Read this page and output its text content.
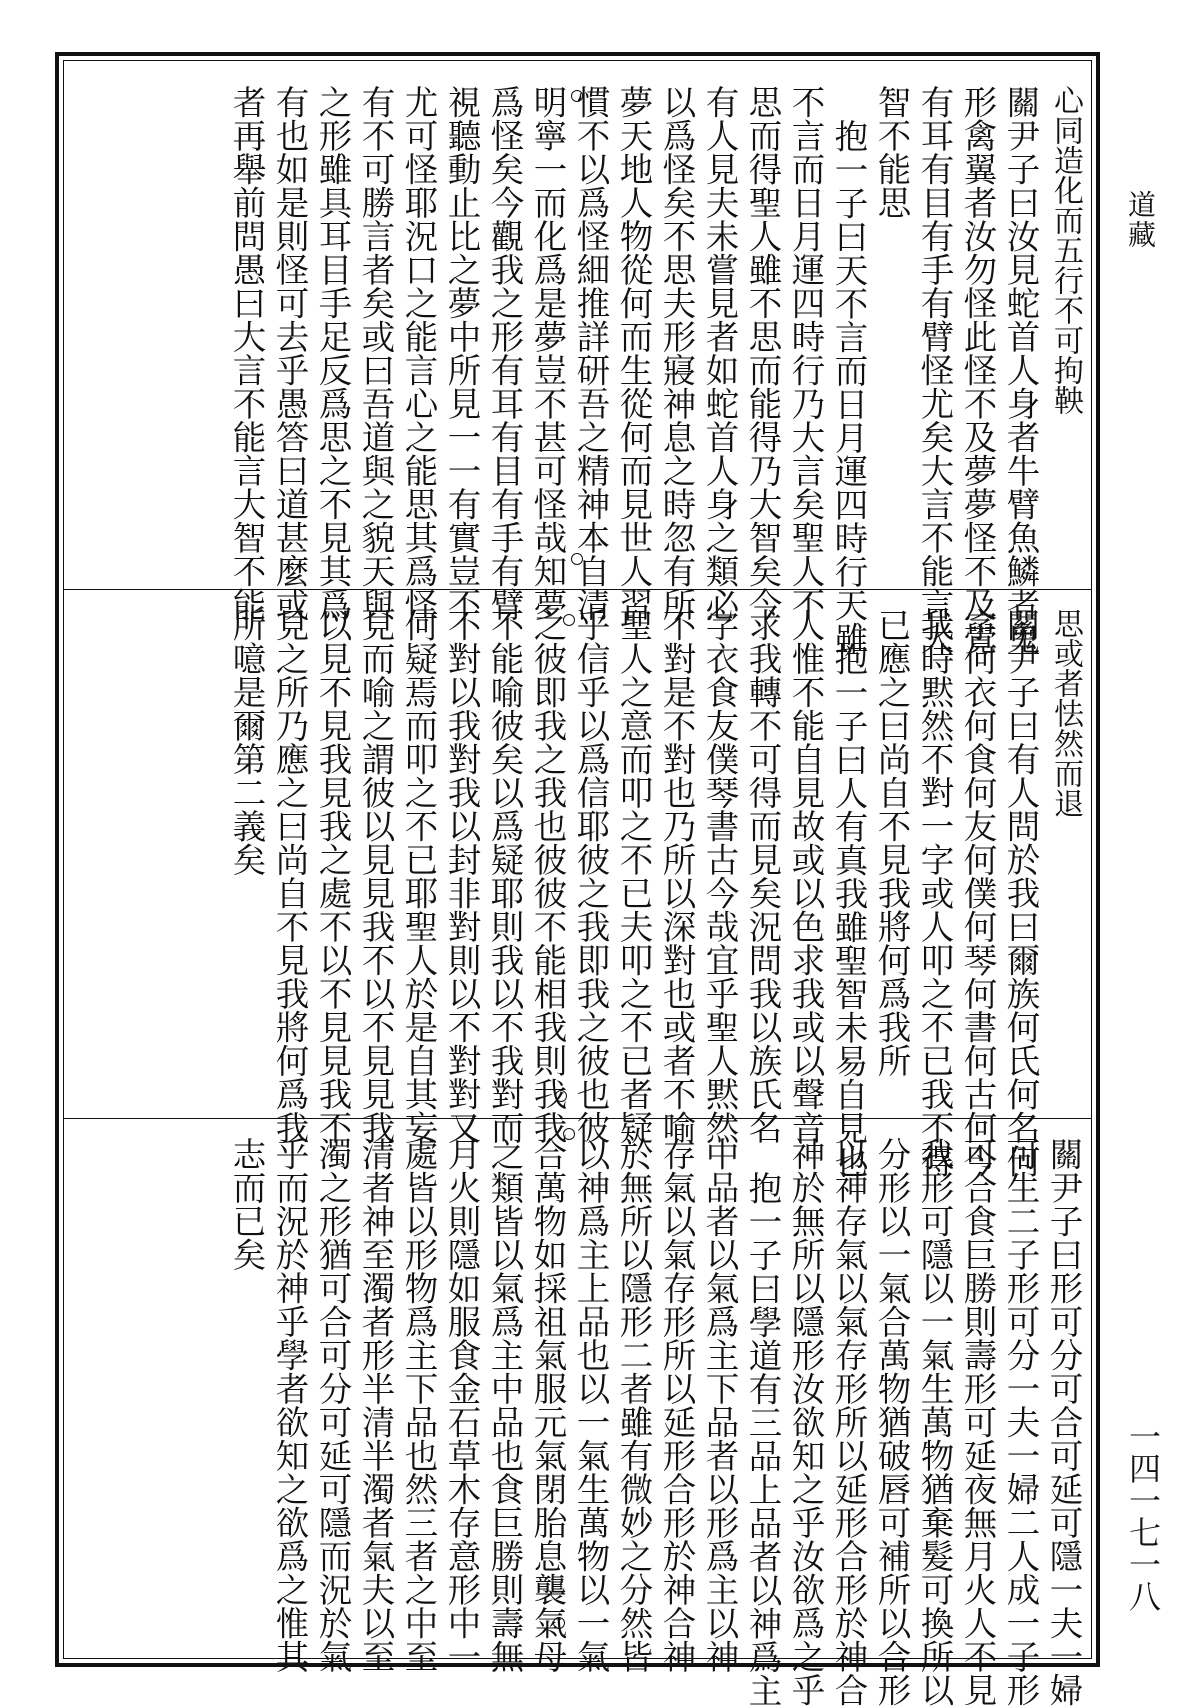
道藏
一四一七一八
心同造化而五行不可拘鞅
關尹子曰汝見蛇首人身者牛臂魚鱗者鬼
形禽翼者汝勿怪此怪不及夢夢怪不及覺
有耳有目有手有臂怪尤矣大言不能言大
智不能思
抱一子曰天不言而日月運四時行天雖
不言而日月運四時行乃大言矣聖人不
思而得聖人雖不思而能得乃大智矣今
有人見夫未嘗見者如蛇首人身之類必
以爲怪矣不思夫形寢神息之時忽有所
夢天地人物從何而生從何而見世人習
慣不以爲怪細推詳研吾之精神本自清
明寧一而化爲是夢豈不甚可怪哉知夢
爲怪矣今觀我之形有耳有目有手有臂
視聽動止比之夢中所見一一有實豈不
尤可怪耶況口之能言心之能思其爲怪
有不可勝言者矣或曰吾道與之貌天與
之形雖具耳目手足反爲思之不見其爲
有也如是則怪可去乎愚答曰道甚麼或
者再舉前問愚曰大言不能言大智不能
思或者怯然而退
關尹子曰有人問於我曰爾族何氏何名何
字何衣何食何友何僕何琴何書何古何今
我時黙然不對一字或人叩之不已我不得
已應之曰尚自不見我將何爲我所
抱一子曰人有真我雖聖智未易自見也
人惟不能自見故或以色求我或以聲音
求我轉不可得而見矣況問我以族氏名
字衣食友僕琴書古今哉宜乎聖人黙然
不對是不對也乃所以深對也或者不喻
聖人之意而叩之不已夫叩之不已者疑
乎信乎以爲信耶彼之我即我之彼也彼
之彼即我之我也彼彼不能相我則我我
不能喻彼矣以爲疑耶則我以不我對而
不對以我對我以封非對則以不對對又
何疑焉而叩之不已耶聖人於是自其妄
見而喻之謂彼以見見我不以不見見我
以見不見我見我之處不以不見見我不
見之所乃應之曰尚自不見我將何爲我
所噫是爾第二義矣
關尹子曰形可分可合可延可隱一夫一婦
可生二子形可分一夫一婦二人成一子形
可合食巨勝則壽形可延夜無月火人不見
我形可隱以一氣生萬物猶棄髮可換所以
分形以一氣合萬物猶破唇可補所以合形
以神存氣以氣存形所以延形合形於神合
神於無所以隱形汝欲知之乎汝欲爲之乎
抱一子曰學道有三品上品者以神爲主
中品者以氣爲主下品者以形爲主以神
存氣以氣存形所以延形合形於神合神
於無所以隱形二者雖有微妙之分然皆
以神爲主上品也以一氣生萬物以一氣
合萬物如採祖氣服元氣閉胎息襲氣母
之類皆以氣爲主中品也食巨勝則壽無
月火則隱如服食金石草木存意形中一
處皆以形物爲主下品也然三者之中至
清者神至濁者形半清半濁者氣夫以至
濁之形猶可合可分可延可隱而況於氣
乎而況於神乎學者欲知之欲爲之惟其
志而已矣
